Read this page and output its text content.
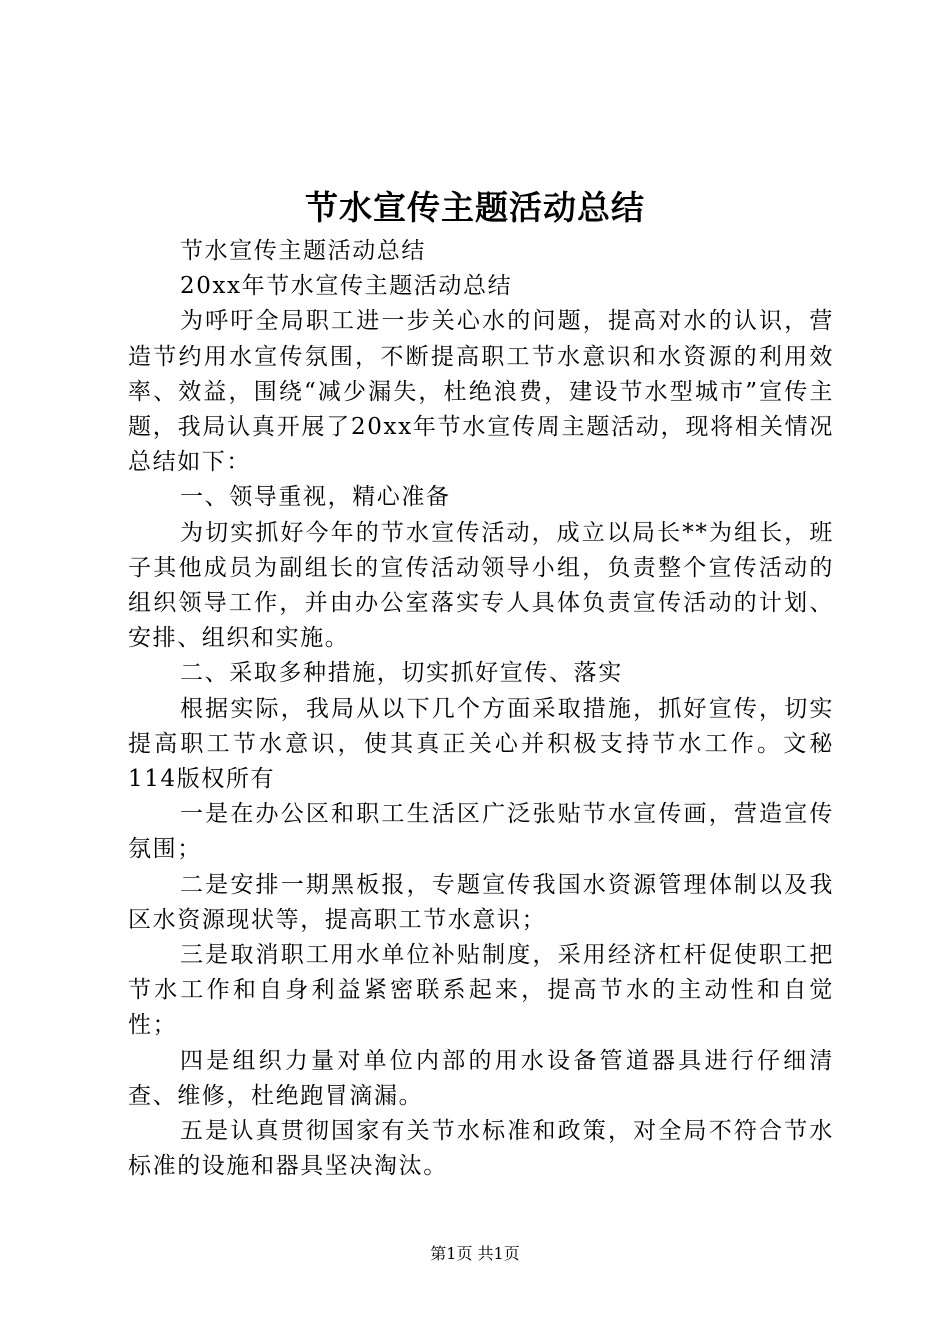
节水宣传主题活动总结

节水宣传主题活动总结

20xx年节水宣传主题活动总结

为呼吁全局职工进一步关心水的问题，提高对水的认识，营造节约用水宣传氛围，不断提高职工节水意识和水资源的利用效率、效益，围绕“减少漏失，杜绝浪费，建设节水型城市”宣传主题，我局认真开展了20xx年节水宣传周主题活动，现将相关情况总结如下：

一、领导重视，精心准备

为切实抓好今年的节水宣传活动，成立以局长**为组长，班子其他成员为副组长的宣传活动领导小组，负责整个宣传活动的组织领导工作，并由办公室落实专人具体负责宣传活动的计划、安排、组织和实施。

二、采取多种措施，切实抓好宣传、落实

根据实际，我局从以下几个方面采取措施，抓好宣传，切实提高职工节水意识，使其真正关心并积极支持节水工作。文秘114版权所有

一是在办公区和职工生活区广泛张贴节水宣传画，营造宣传氛围；

二是安排一期黑板报，专题宣传我国水资源管理体制以及我区水资源现状等，提高职工节水意识；

三是取消职工用水单位补贴制度，采用经济杠杆促使职工把节水工作和自身利益紧密联系起来，提高节水的主动性和自觉性；

四是组织力量对单位内部的用水设备管道器具进行仔细清查、维修，杜绝跑冒滴漏。

五是认真贯彻国家有关节水标准和政策，对全局不符合节水标准的设施和器具坚决淘汰。

第1页 共1页
